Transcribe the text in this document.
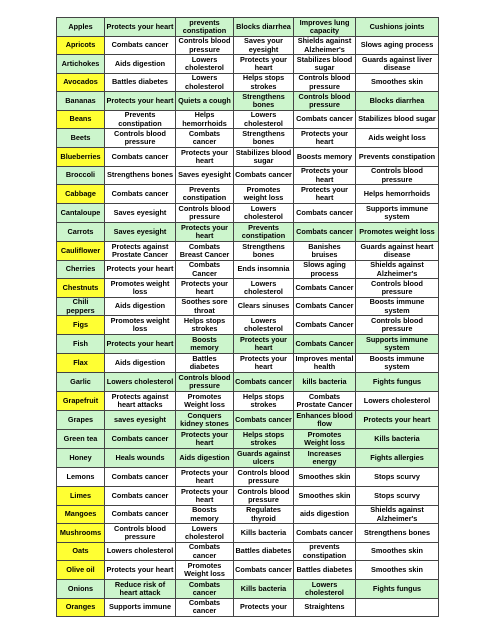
Apples	Protects your heart	prevents constipation	Blocks diarrhea	Improves lung capacity	Cushions joints
Apricots	Combats cancer	Controls blood pressure	Saves your eyesight	Shields against Alzheimer's	Slows aging process
Artichokes	Aids digestion	Lowers cholesterol	Protects your heart	Stabilizes blood sugar	Guards against liver disease
Avocados	Battles diabetes	Lowers cholesterol	Helps stops strokes	Controls blood pressure	Smoothes skin
Bananas	Protects your heart	Quiets a cough	Strengthens bones	Controls blood pressure	Blocks diarrhea
Beans	Prevents constipation	Helps hemorrhoids	Lowers cholesterol	Combats cancer	Stabilizes blood sugar
Beets	Controls blood pressure	Combats cancer	Strengthens bones	Protects your heart	Aids weight loss
Blueberries	Combats cancer	Protects your heart	Stabilizes blood sugar	Boosts memory	Prevents constipation
Broccoli	Strengthens bones	Saves eyesight	Combats cancer	Protects your heart	Controls blood pressure
Cabbage	Combats cancer	Prevents constipation	Promotes weight loss	Protects your heart	Helps hemorrhoids
Cantaloupe	Saves eyesight	Controls blood pressure	Lowers cholesterol	Combats cancer	Supports immune system
Carrots	Saves eyesight	Protects your heart	Prevents constipation	Combats cancer	Promotes weight loss
Cauliflower	Protects against Prostate Cancer	Combats Breast Cancer	Strengthens bones	Banishes bruises	Guards against heart disease
Cherries	Protects your heart	Combats Cancer	Ends insomnia	Slows aging process	Shields against Alzheimer's
Chestnuts	Promotes weight loss	Protects your heart	Lowers cholesterol	Combats Cancer	Controls blood pressure
Chili peppers	Aids digestion	Soothes sore throat	Clears sinuses	Combats Cancer	Boosts immune system
Figs	Promotes weight loss	Helps stops strokes	Lowers cholesterol	Combats Cancer	Controls blood pressure
Fish	Protects your heart	Boosts memory	Protects your heart	Combats Cancer	Supports immune system
Flax	Aids digestion	Battles diabetes	Protects your heart	Improves mental health	Boosts immune system
Garlic	Lowers cholesterol	Controls blood pressure	Combats cancer	kills bacteria	Fights fungus
Grapefruit	Protects against heart attacks	Promotes Weight loss	Helps stops strokes	Combats Prostate Cancer	Lowers cholesterol
Grapes	saves eyesight	Conquers kidney stones	Combats cancer	Enhances blood flow	Protects your heart
Green tea	Combats cancer	Protects your heart	Helps stops strokes	Promotes Weight loss	Kills bacteria
Honey	Heals wounds	Aids digestion	Guards against ulcers	Increases energy	Fights allergies
Lemons	Combats cancer	Protects your heart	Controls blood pressure	Smoothes skin	Stops scurvy
Limes	Combats cancer	Protects your heart	Controls blood pressure	Smoothes skin	Stops scurvy
Mangoes	Combats cancer	Boosts memory	Regulates thyroid	aids digestion	Shields against Alzheimer's
Mushrooms	Controls blood pressure	Lowers cholesterol	Kills bacteria	Combats cancer	Strengthens bones
Oats	Lowers cholesterol	Combats cancer	Battles diabetes	prevents constipation	Smoothes skin
Olive oil	Protects your heart	Promotes Weight loss	Combats cancer	Battles diabetes	Smoothes skin
Onions	Reduce risk of heart attack	Combats cancer	Kills bacteria	Lowers cholesterol	Fights fungus
Oranges	Supports immune	Combats cancer	Protects your	Straightens	
